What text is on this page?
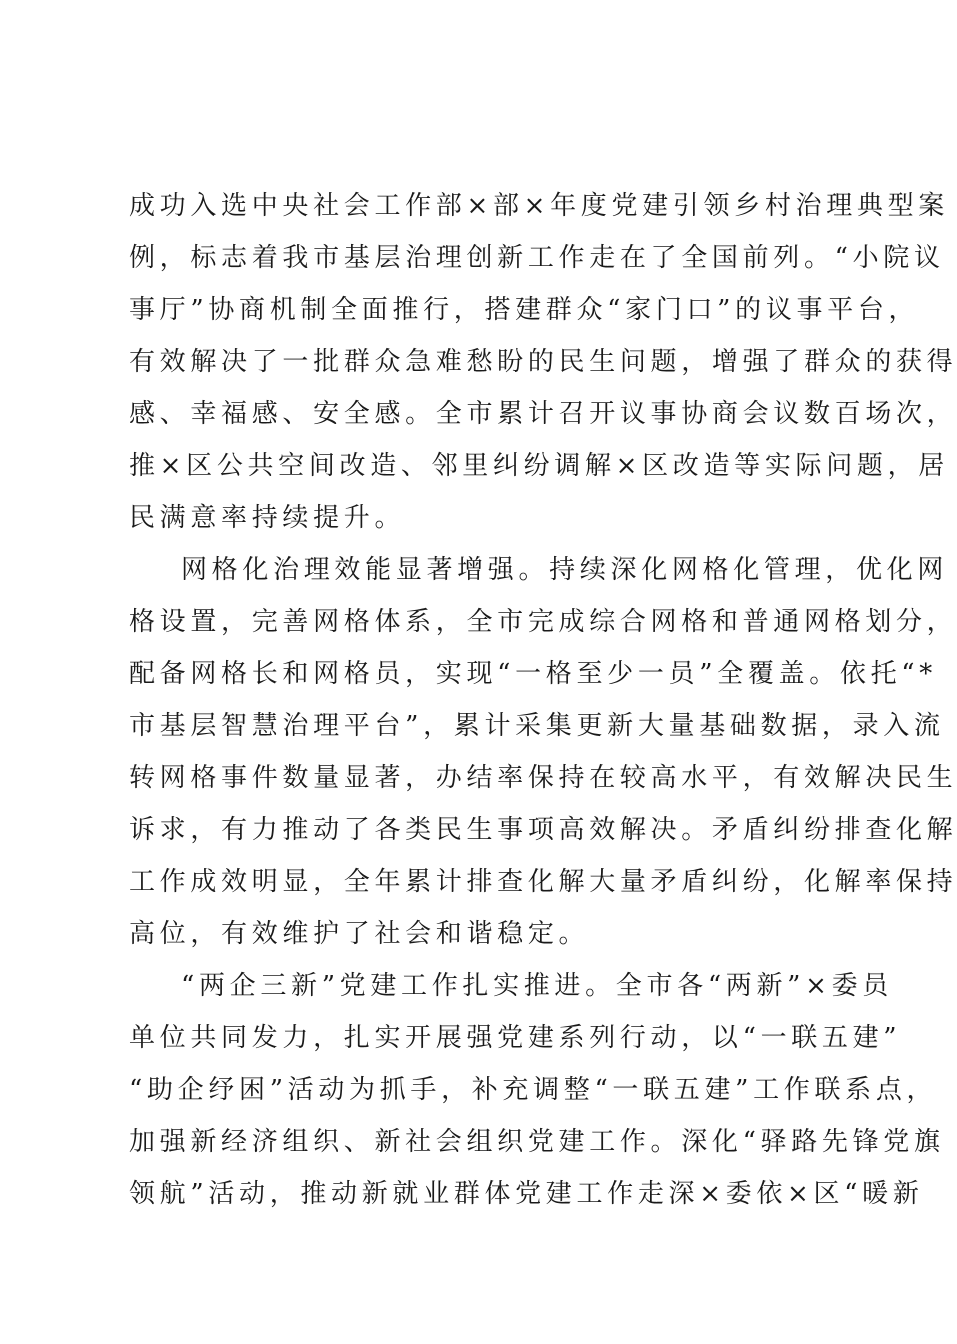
成功入选中央社会工作部×部×年度党建引领乡村治理典型案
例，标志着我市基层治理创新工作走在了全国前列。“小院议
事厅”协商机制全面推行，搭建群众“家门口”的议事平台，
有效解决了一批群众急难愁盼的民生问题，增强了群众的获得
感、幸福感、安全感。全市累计召开议事协商会议数百场次，
推×区公共空间改造、邻里纠纷调解×区改造等实际问题，居
民满意率持续提升。
网格化治理效能显著增强。持续深化网格化管理，优化网
格设置，完善网格体系，全市完成综合网格和普通网格划分，
配备网格长和网格员，实现“一格至少一员”全覆盖。依托“*
市基层智慧治理平台”，累计采集更新大量基础数据，录入流
转网格事件数量显著，办结率保持在较高水平，有效解决民生
诉求，有力推动了各类民生事项高效解决。矛盾纠纷排查化解
工作成效明显，全年累计排查化解大量矛盾纠纷，化解率保持
高位，有效维护了社会和谐稳定。
“两企三新”党建工作扎实推进。全市各“两新”×委员
单位共同发力，扎实开展强党建系列行动，以“一联五建”
“助企纾困”活动为抓手，补充调整“一联五建”工作联系点，
加强新经济组织、新社会组织党建工作。深化“驿路先锋党旗
领航”活动，推动新就业群体党建工作走深×委依×区“暖新
